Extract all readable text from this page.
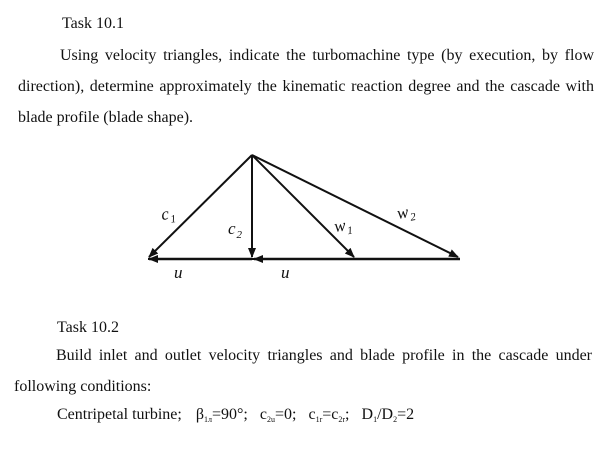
Task 10.1
Using velocity triangles, indicate the turbomachine type (by execution, by flow direction), determine approximately the kinematic reaction degree and the cascade with blade profile (blade shape).
$c_1$	$c_2$	$w_1$
$w_2$
u	u
Task 10.2
Build inlet and outlet velocity triangles and blade profile in the cascade under following conditions:
Centripetal turbine; $\beta_{1л}=90^\circ$; $c_{2u}=0$; $c_{1r}=c_{2r}$; $D_1/D_2=2$
